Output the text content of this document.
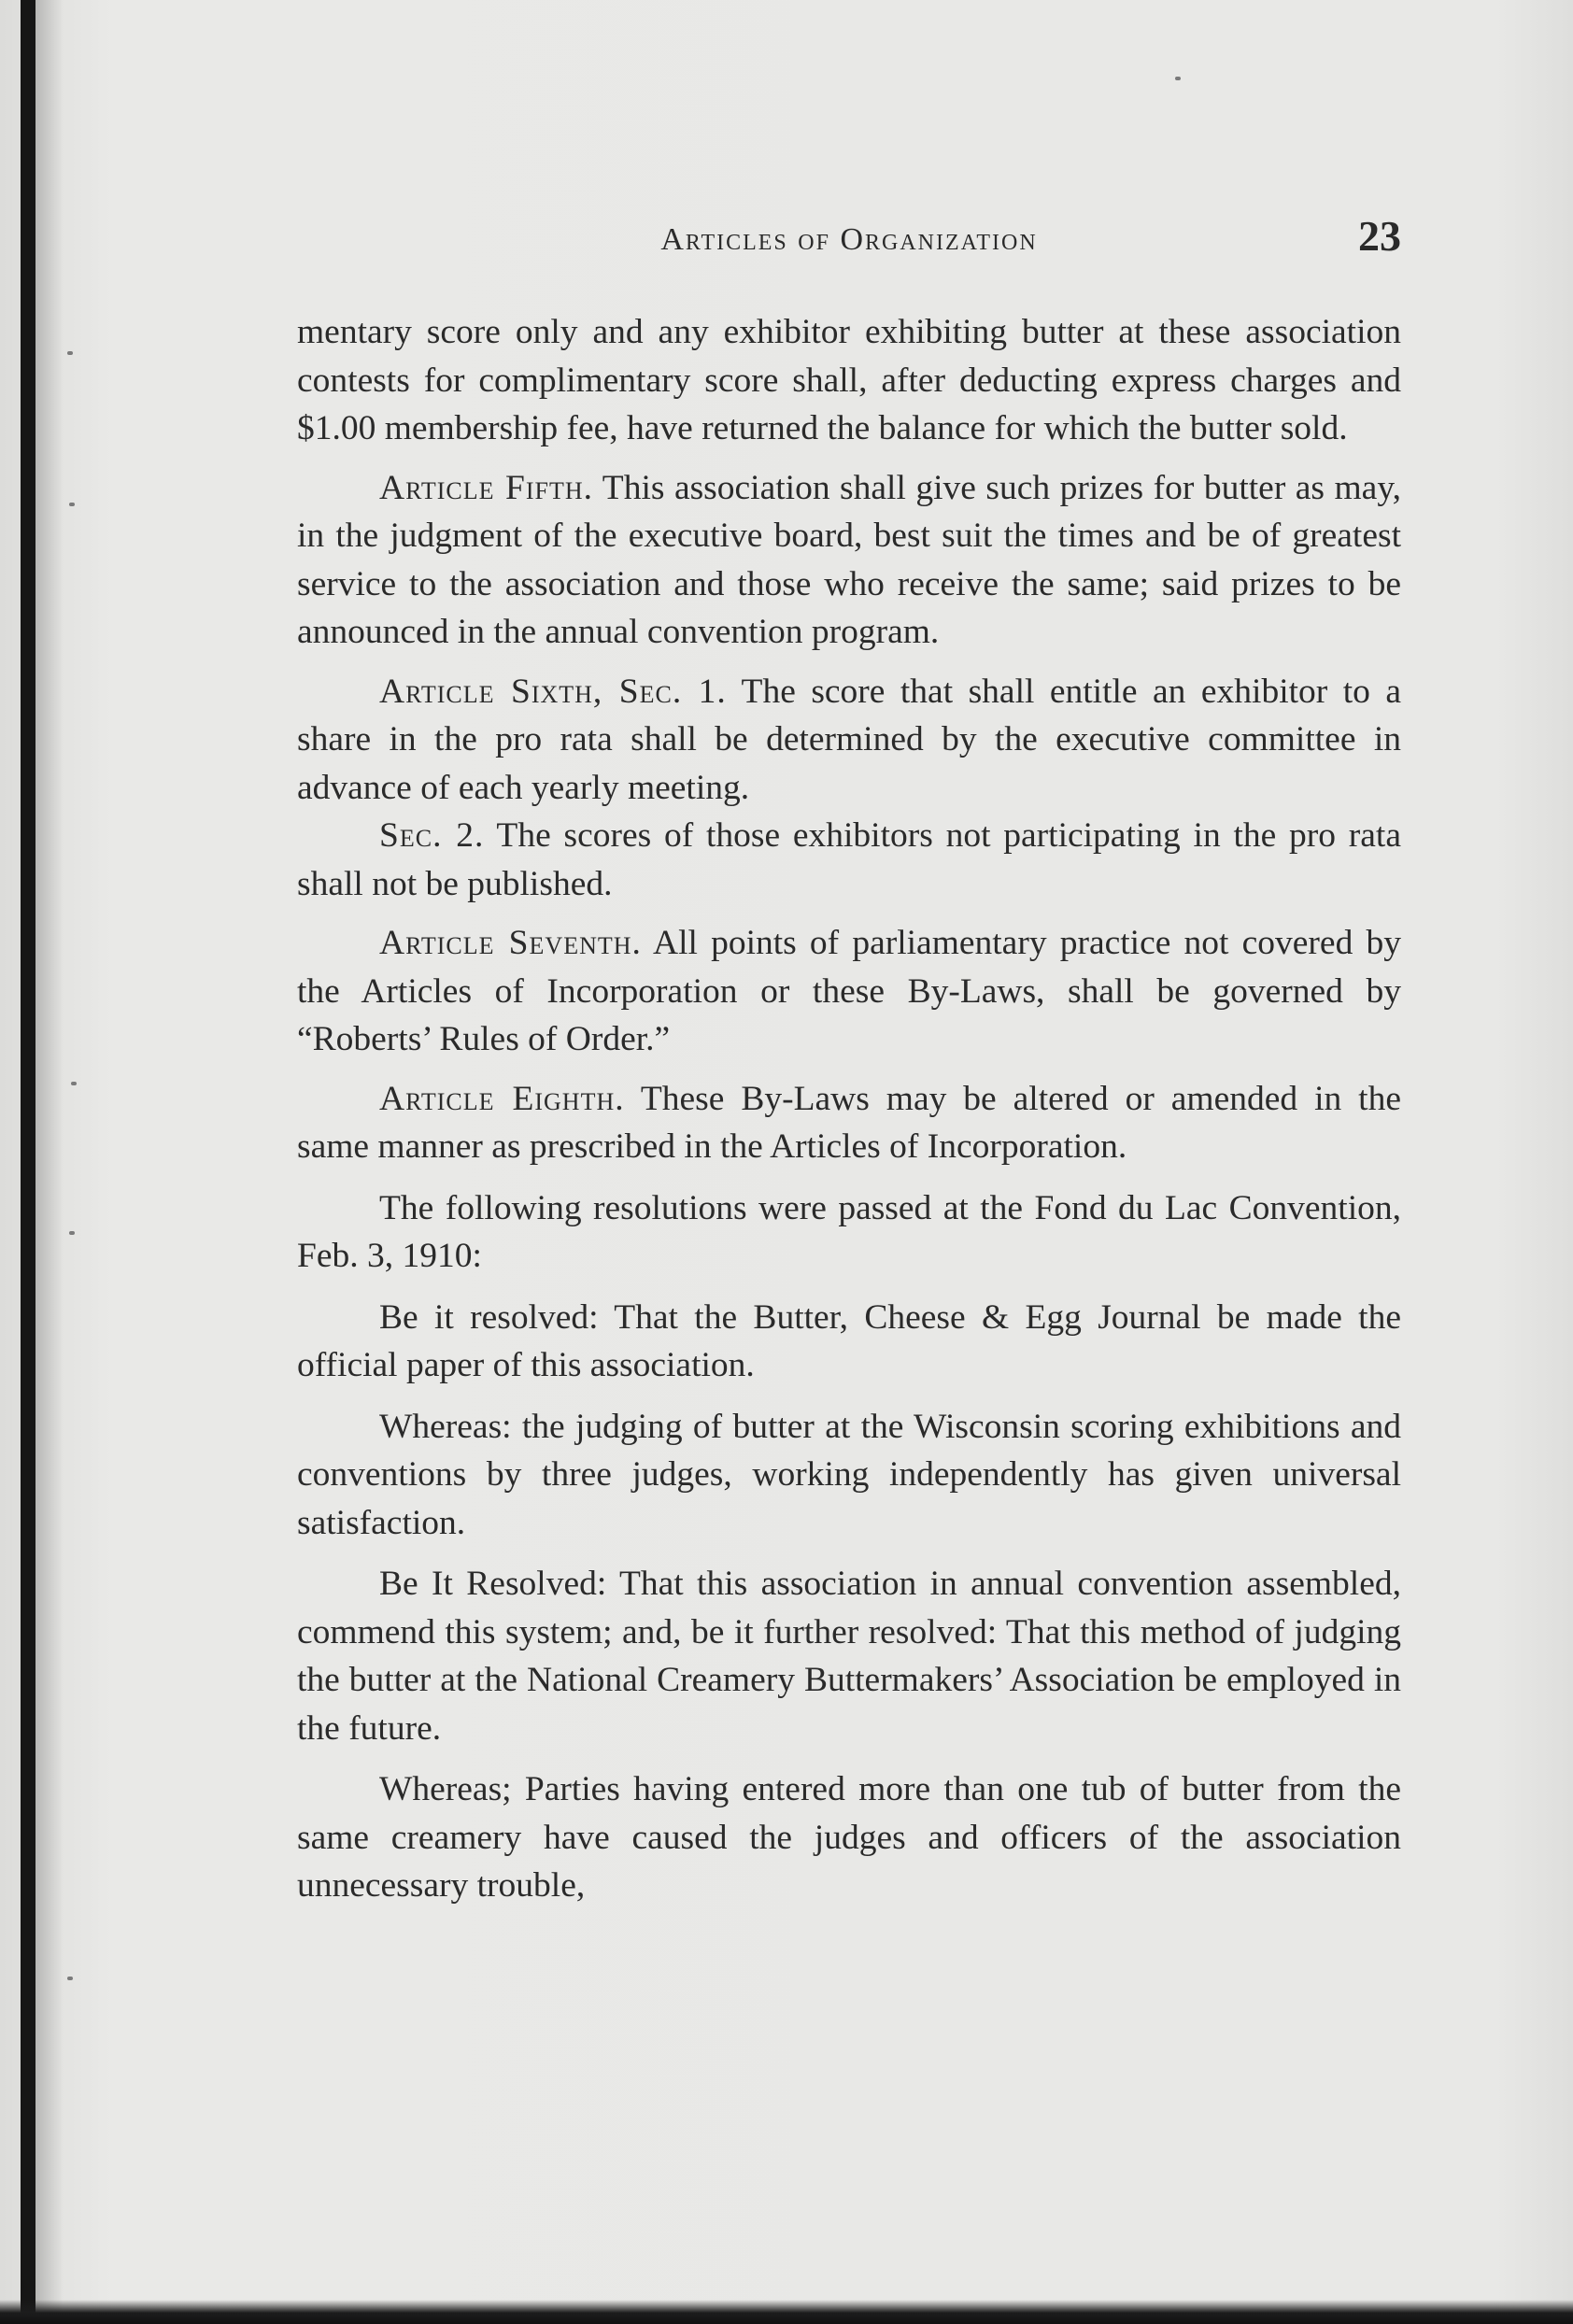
Articles of Organization	23

mentary score only and any exhibitor exhibiting butter at these association contests for complimentary score shall, after deducting express charges and $1.00 membership fee, have returned the balance for which the butter sold.

Article Fifth. This association shall give such prizes for butter as may, in the judgment of the executive board, best suit the times and be of greatest service to the association and those who receive the same; said prizes to be announced in the annual convention program.

Article Sixth, Sec. 1. The score that shall entitle an exhibitor to a share in the pro rata shall be determined by the executive committee in advance of each yearly meeting.

Sec. 2. The scores of those exhibitors not participating in the pro rata shall not be published.

Article Seventh. All points of parliamentary practice not covered by the Articles of Incorporation or these By-Laws, shall be governed by “Roberts’ Rules of Order.”

Article Eighth. These By-Laws may be altered or amended in the same manner as prescribed in the Articles of Incorporation.

The following resolutions were passed at the Fond du Lac Convention, Feb. 3, 1910:

Be it resolved: That the Butter, Cheese & Egg Journal be made the official paper of this association.

Whereas: the judging of butter at the Wisconsin scoring exhibitions and conventions by three judges, working independently has given universal satisfaction.

Be It Resolved: That this association in annual convention assembled, commend this system; and, be it further resolved: That this method of judging the butter at the National Creamery Buttermakers’ Association be employed in the future.

Whereas; Parties having entered more than one tub of butter from the same creamery have caused the judges and officers of the association unnecessary trouble,
